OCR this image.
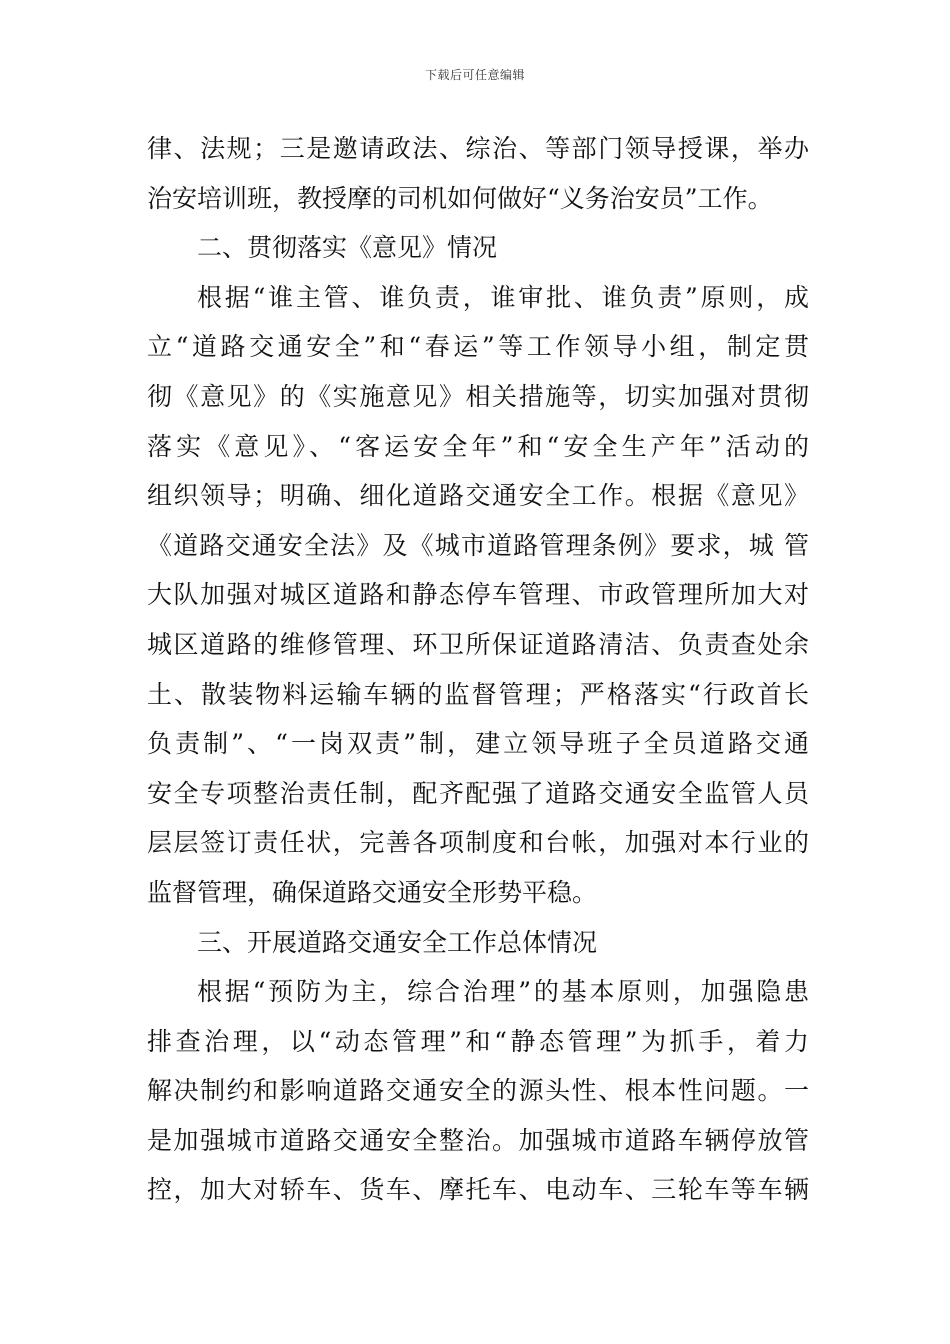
下载后可任意编辑
律、法规；三是邀请政法、综治、等部门领导授课，举办
治安培训班，教授摩的司机如何做好“义务治安员”工作。
二、贯彻落实《意见》情况
根据“谁主管、谁负责，谁审批、谁负责”原则，成
立“道路交通安全”和“春运”等工作领导小组，制定贯
彻《意见》的《实施意见》相关措施等，切实加强对贯彻
落实《意见》、“客运安全年”和“安全生产年”活动的
组织领导；明确、细化道路交通安全工作。根据《意见》
《道路交通安全法》及《城市道路管理条例》要求，城 管
大队加强对城区道路和静态停车管理、市政管理所加大对
城区道路的维修管理、环卫所保证道路清洁、负责查处余
土、散装物料运输车辆的监督管理；严格落实“行政首长
负责制”、“一岗双责”制，建立领导班子全员道路交通
安全专项整治责任制，配齐配强了道路交通安全监管人员
层层签订责任状，完善各项制度和台帐，加强对本行业的
监督管理，确保道路交通安全形势平稳。
三、开展道路交通安全工作总体情况
根据“预防为主，综合治理”的基本原则，加强隐患
排查治理，以“动态管理”和“静态管理”为抓手，着力
解决制约和影响道路交通安全的源头性、根本性问题。一
是加强城市道路交通安全整治。加强城市道路车辆停放管
控，加大对轿车、货车、摩托车、电动车、三轮车等车辆
